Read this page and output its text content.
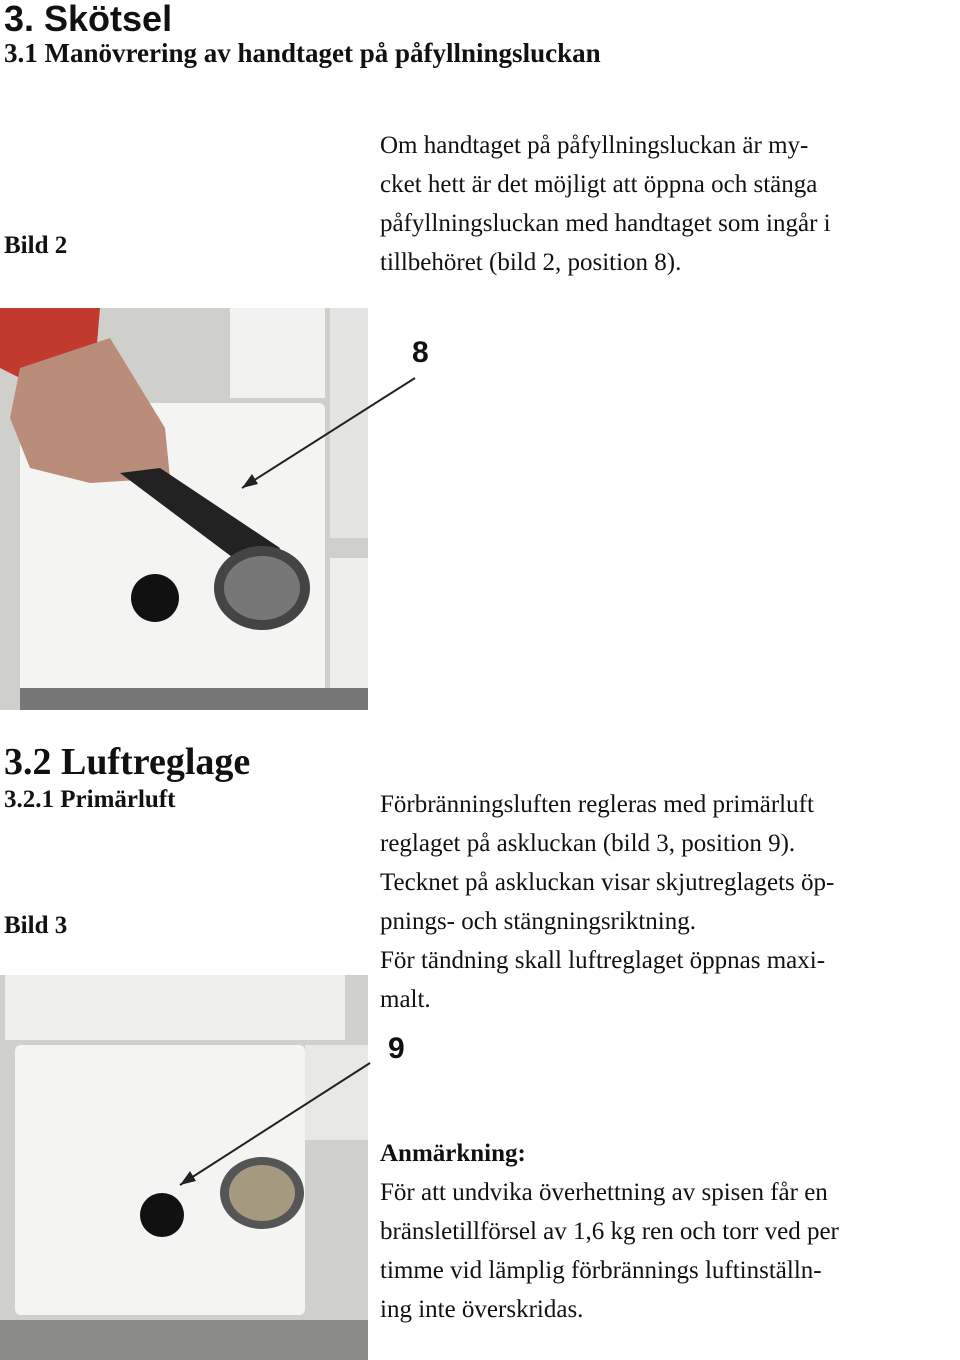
3. Skötsel
3.1 Manövrering av handtaget på påfyllningsluckan
Bild 2
Om handtaget på påfyllningsluckan är my-
cket hett är det möjligt att öppna och stänga
påfyllningsluckan med handtaget som ingår i
tillbehöret (bild 2, position 8).
8
3.2 Luftreglage
3.2.1 Primärluft
Bild 3
Förbränningsluften regleras med primärluft
reglaget på askluckan (bild 3, position 9).
Tecknet på askluckan visar skjutreglagets öp-
pnings- och stängningsriktning.
För tändning skall luftreglaget öppnas maxi-
malt.
9
Anmärkning:
För att undvika överhettning av spisen får en
bränsletillförsel av 1,6 kg ren och torr ved per
timme vid lämplig förbrännings luftinställn-
ing inte överskridas.
